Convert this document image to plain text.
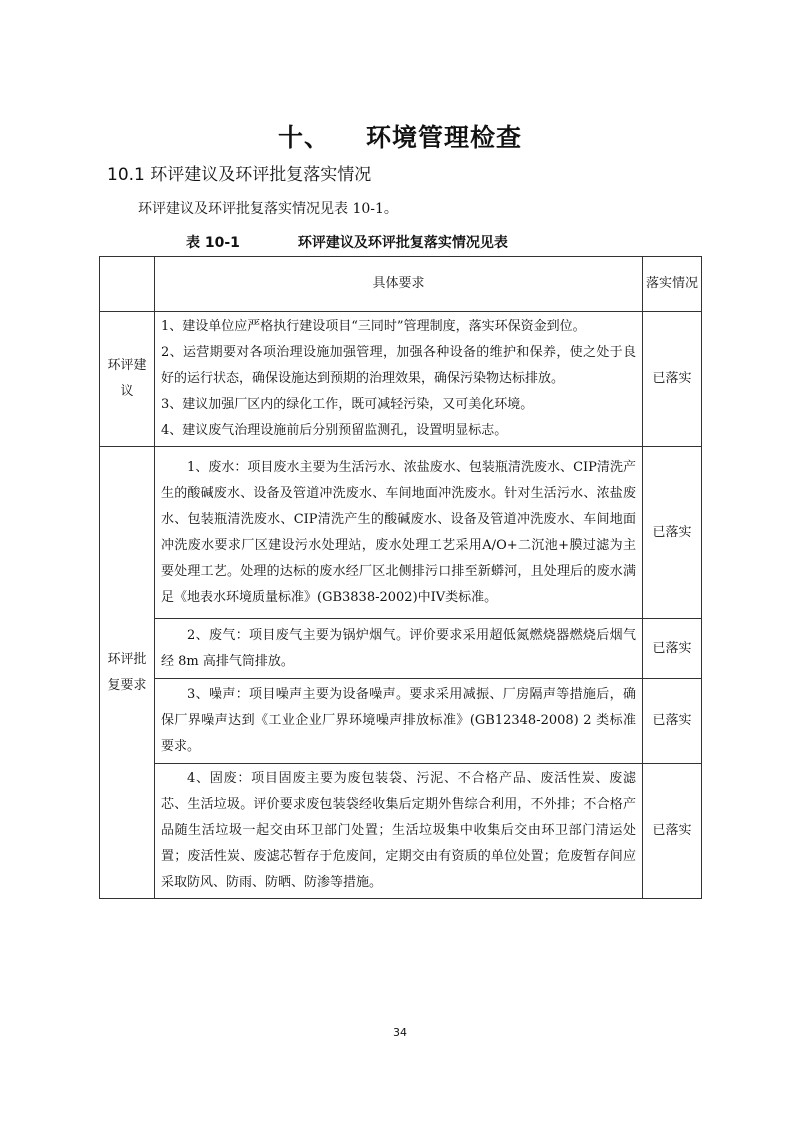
十、 环境管理检查
10.1 环评建议及环评批复落实情况
环评建议及环评批复落实情况见表 10-1。
表 10-1	环评建议及环评批复落实情况见表
	具体要求	落实情况
环评建议	1、建设单位应严格执行建设项目“三同时”管理制度，落实环保资金到位。

2、运营期要对各项治理设施加强管理，加强各种设备的维护和保养，使之处于良好的运行状态，确保设施达到预期的治理效果，确保污染物达标排放。

3、建议加强厂区内的绿化工作，既可减轻污染，又可美化环境。

4、建议废气治理设施前后分别预留监测孔，设置明显标志。	已落实
环评批复要求	1、废水：项目废水主要为生活污水、浓盐废水、包装瓶清洗废水、CIP清洗产生的酸碱废水、设备及管道冲洗废水、车间地面冲洗废水。针对生活污水、浓盐废水、包装瓶清洗废水、CIP清洗产生的酸碱废水、设备及管道冲洗废水、车间地面冲洗废水要求厂区建设污水处理站，废水处理工艺采用A/O+二沉池+膜过滤为主要处理工艺。处理的达标的废水经厂区北侧排污口排至新蟒河，且处理后的废水满足《地表水环境质量标准》(GB3838-2002)中IV类标准。	已落实

	2、废气：项目废气主要为锅炉烟气。评价要求采用超低氮燃烧器燃烧后烟气经 8m 高排气筒排放。	已落实

	3、噪声：项目噪声主要为设备噪声。要求采用减振、厂房隔声等措施后，确保厂界噪声达到《工业企业厂界环境噪声排放标准》(GB12348-2008) 2 类标准要求。	已落实

	4、固废：项目固废主要为废包装袋、污泥、不合格产品、废活性炭、废滤芯、生活垃圾。评价要求废包装袋经收集后定期外售综合利用，不外排；不合格产品随生活垃圾一起交由环卫部门处置；生活垃圾集中收集后交由环卫部门清运处置；废活性炭、废滤芯暂存于危废间，定期交由有资质的单位处置；危废暂存间应采取防风、防雨、防晒、防渗等措施。	已落实
34
